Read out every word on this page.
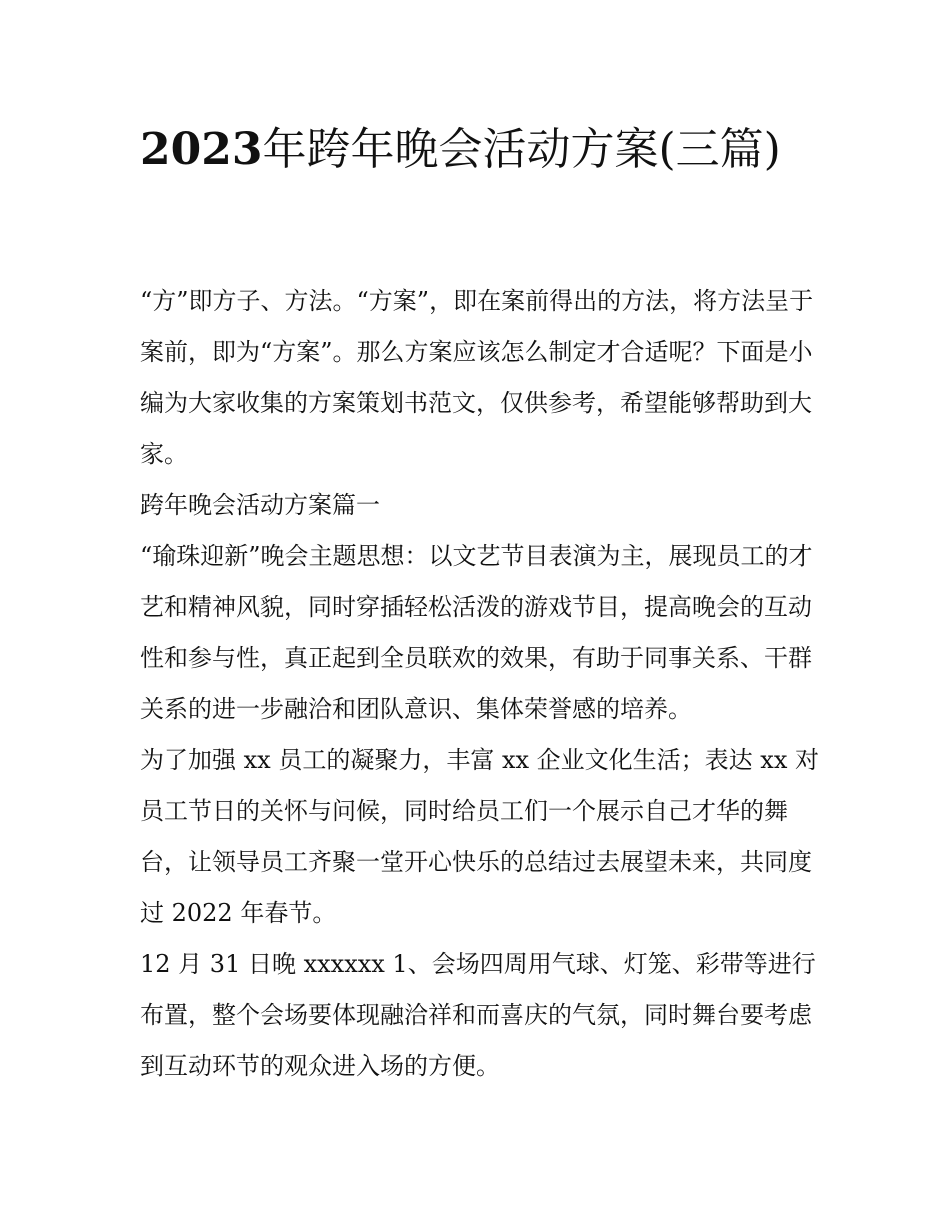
2023年跨年晚会活动方案(三篇)

“方”即方子、方法。“方案”，即在案前得出的方法，将方法呈于案前，即为“方案”。那么方案应该怎么制定才合适呢？下面是小编为大家收集的方案策划书范文，仅供参考，希望能够帮助到大家。

跨年晚会活动方案篇一

“瑜珠迎新”晚会主题思想：以文艺节目表演为主，展现员工的才艺和精神风貌，同时穿插轻松活泼的游戏节目，提高晚会的互动性和参与性，真正起到全员联欢的效果，有助于同事关系、干群关系的进一步融洽和团队意识、集体荣誉感的培养。

为了加强 xx 员工的凝聚力，丰富 xx 企业文化生活；表达 xx 对员工节日的关怀与问候，同时给员工们一个展示自己才华的舞台，让领导员工齐聚一堂开心快乐的总结过去展望未来，共同度过 2022 年春节。

12 月 31 日晚 xxxxxx 1、会场四周用气球、灯笼、彩带等进行布置，整个会场要体现融洽祥和而喜庆的气氛，同时舞台要考虑到互动环节的观众进入场的方便。
